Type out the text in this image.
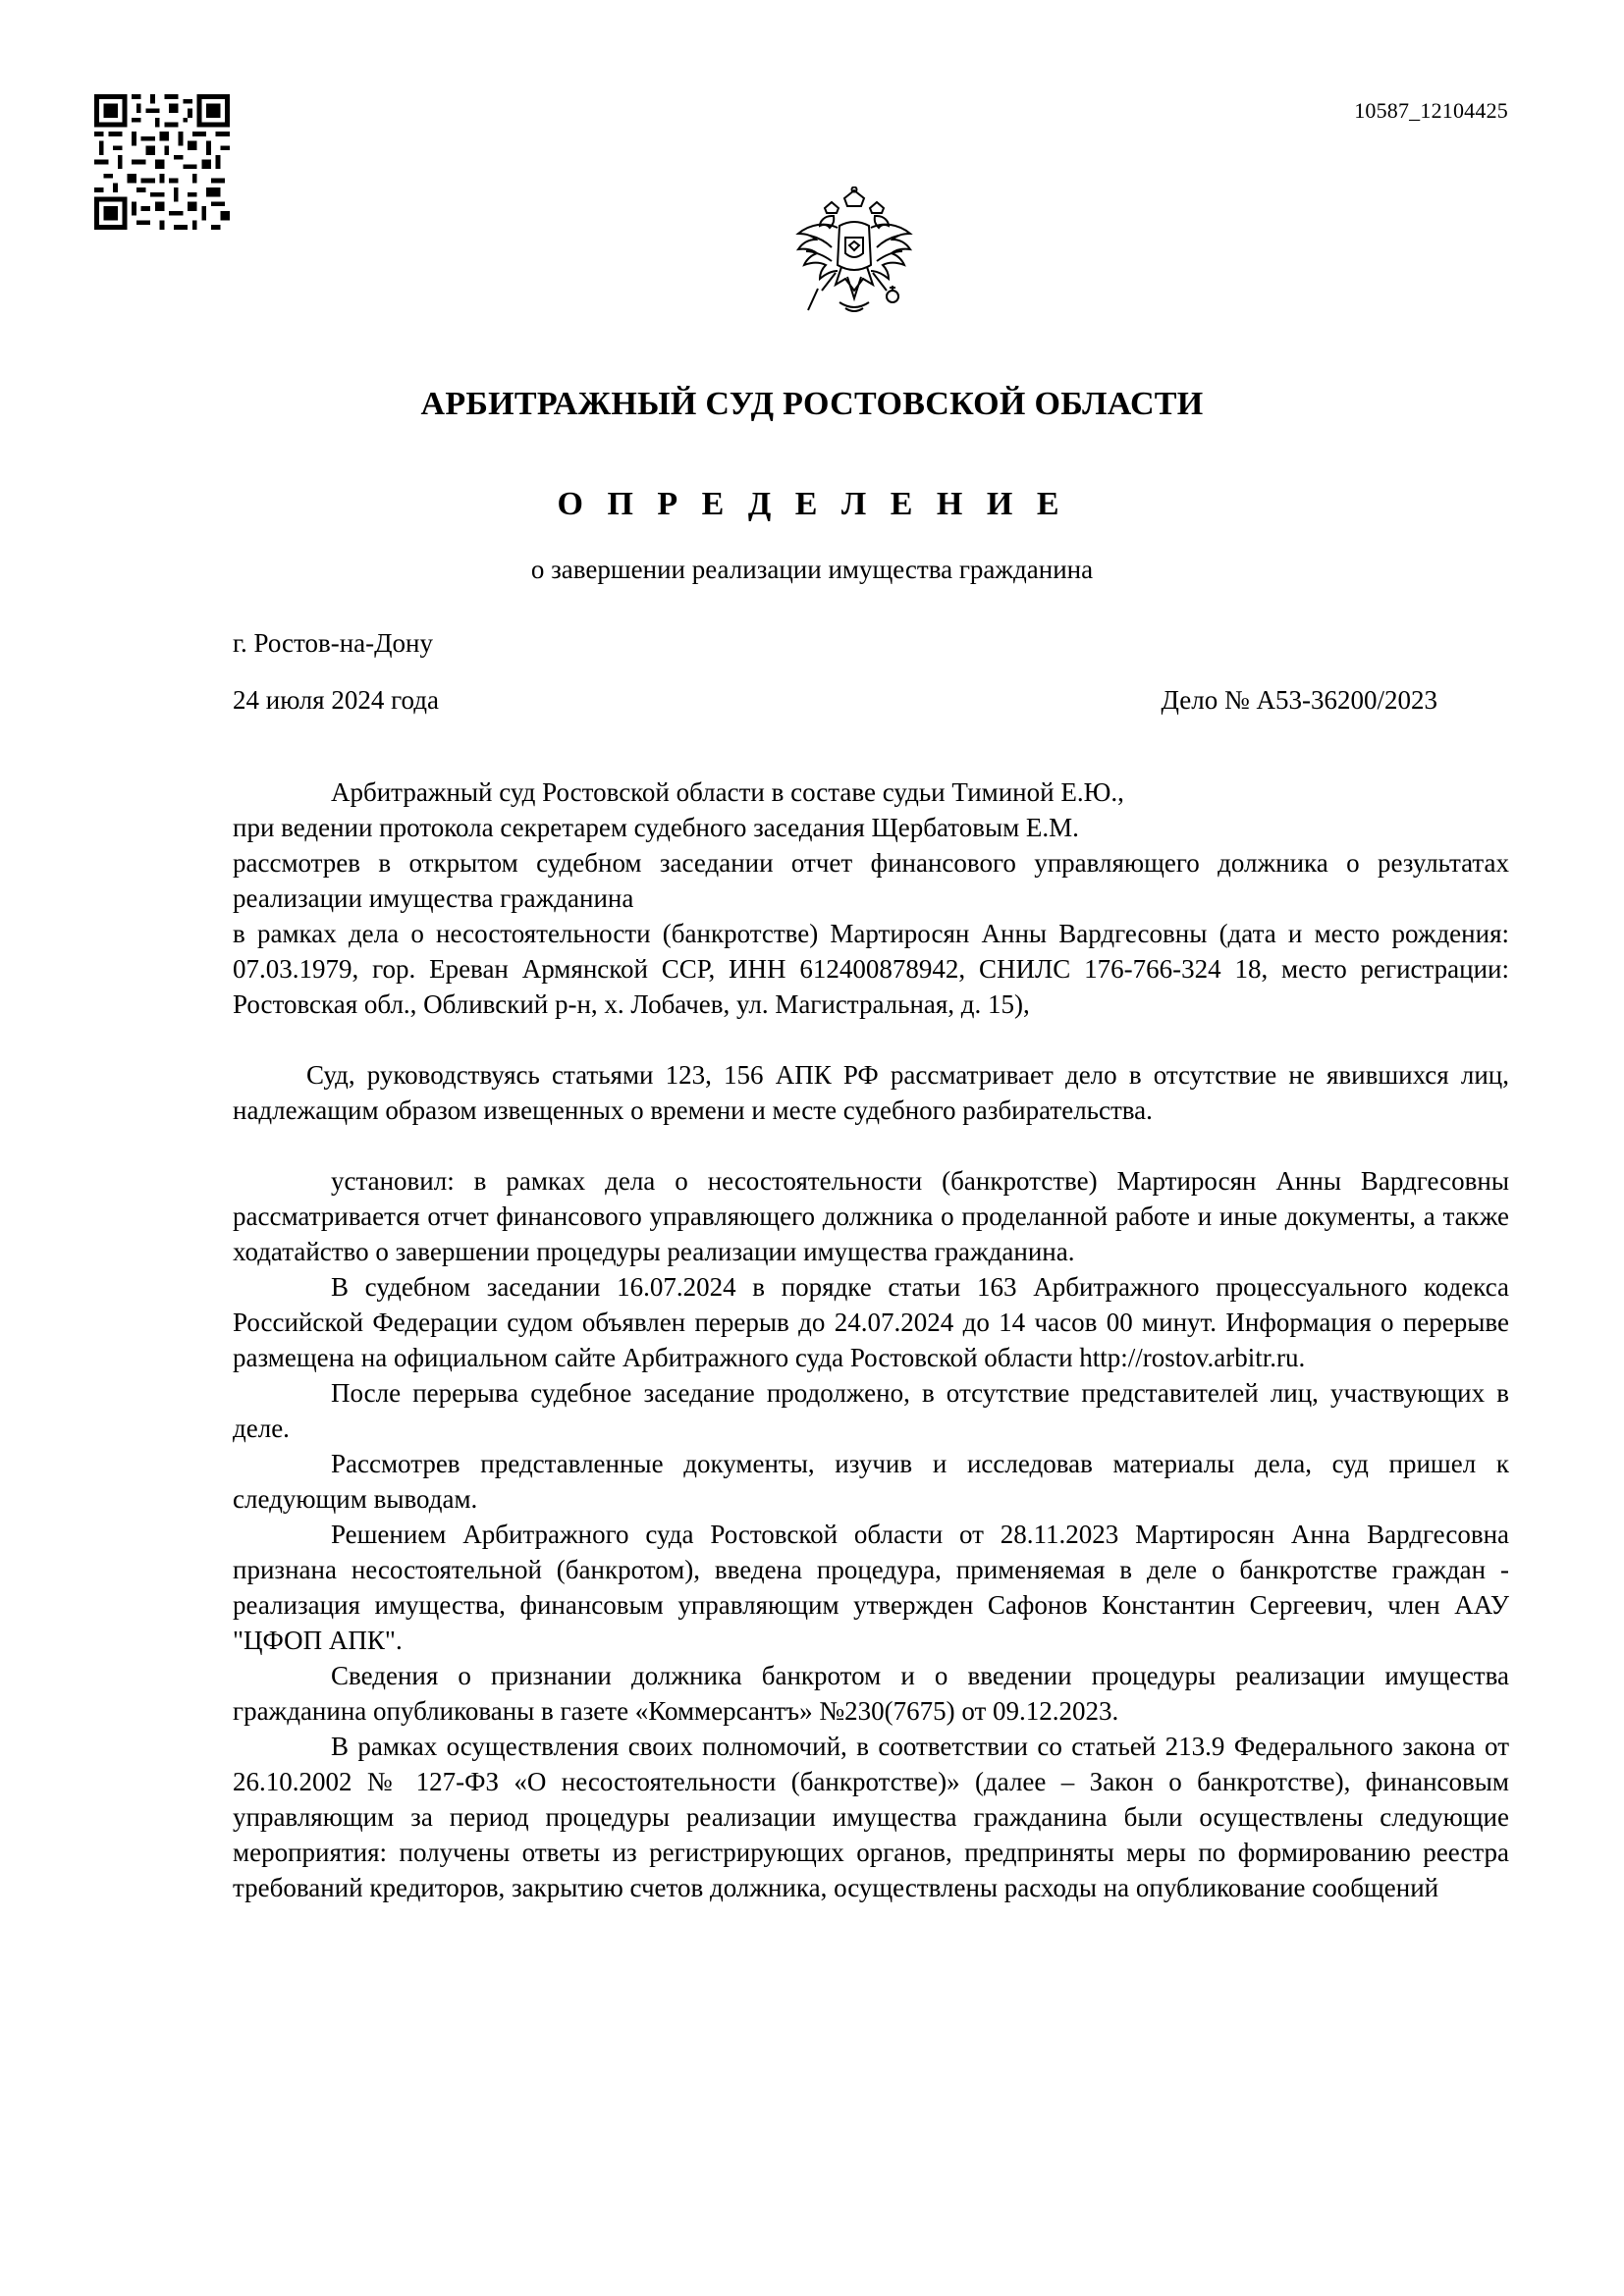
10587_12104425
АРБИТРАЖНЫЙ СУД РОСТОВСКОЙ ОБЛАСТИ
О П Р Е Д Е Л Е Н И Е
о завершении реализации имущества гражданина
г. Ростов-на-Дону
24 июля 2024 года	Дело № А53-36200/2023

Арбитражный суд Ростовской области в составе судьи Тиминой Е.Ю.,

при ведении протокола секретарем судебного заседания Щербатовым Е.М.

рассмотрев в открытом судебном заседании отчет финансового управляющего должника о результатах реализации имущества гражданина

в рамках дела о несостоятельности (банкротстве) Мартиросян Анны Вардгесовны (дата и место рождения: 07.03.1979, гор. Ереван Армянской ССР, ИНН 612400878942, СНИЛС 176-766-324 18, место регистрации: Ростовская обл., Обливский р-н, х. Лобачев, ул. Магистральная, д. 15),

Суд, руководствуясь статьями 123, 156 АПК РФ рассматривает дело в отсутствие не явившихся лиц, надлежащим образом извещенных о времени и месте судебного разбирательства.

установил: в рамках дела о несостоятельности (банкротстве) Мартиросян Анны Вардгесовны рассматривается отчет финансового управляющего должника о проделанной работе и иные документы, а также ходатайство о завершении процедуры реализации имущества гражданина.

В судебном заседании 16.07.2024 в порядке статьи 163 Арбитражного процессуального кодекса Российской Федерации судом объявлен перерыв до 24.07.2024 до 14 часов 00 минут. Информация о перерыве размещена на официальном сайте Арбитражного суда Ростовской области http://rostov.arbitr.ru.

После перерыва судебное заседание продолжено, в отсутствие представителей лиц, участвующих в деле.

Рассмотрев представленные документы, изучив и исследовав материалы дела, суд пришел к следующим выводам.

Решением Арбитражного суда Ростовской области от 28.11.2023 Мартиросян Анна Вардгесовна признана несостоятельной (банкротом), введена процедура, применяемая в деле о банкротстве граждан - реализация имущества, финансовым управляющим утвержден Сафонов Константин Сергеевич, член ААУ "ЦФОП АПК".

Сведения о признании должника банкротом и о введении процедуры реализации имущества гражданина опубликованы в газете «Коммерсантъ» №230(7675) от 09.12.2023.

В рамках осуществления своих полномочий, в соответствии со статьей 213.9 Федерального закона от 26.10.2002 № 127-ФЗ «О несостоятельности (банкротстве)» (далее – Закон о банкротстве), финансовым управляющим за период процедуры реализации имущества гражданина были осуществлены следующие мероприятия: получены ответы из регистрирующих органов, предприняты меры по формированию реестра требований кредиторов, закрытию счетов должника, осуществлены расходы на опубликование сообщений
